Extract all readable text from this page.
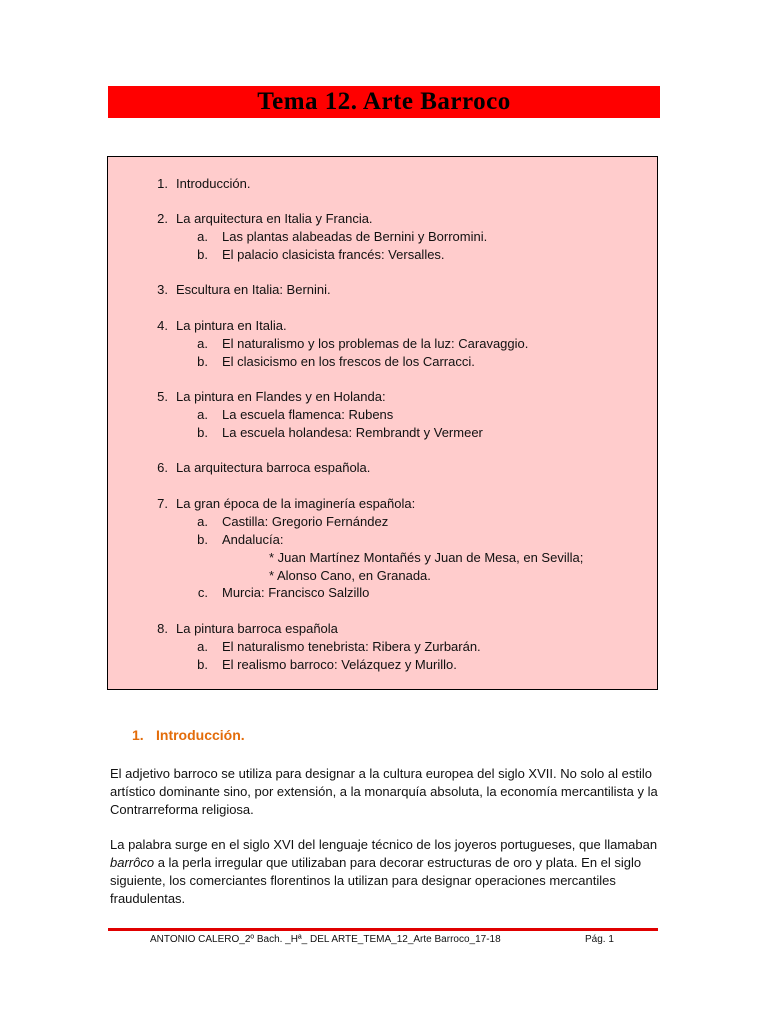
Tema 12. Arte Barroco
1. Introducción.
2. La arquitectura en Italia y Francia.
a. Las plantas alabeadas de Bernini y Borromini.
b. El palacio clasicista francés: Versalles.
3. Escultura en Italia: Bernini.
4. La pintura en Italia.
a. El naturalismo y los problemas de la luz: Caravaggio.
b. El clasicismo en los frescos de los Carracci.
5. La pintura en Flandes y en Holanda:
a. La escuela flamenca: Rubens
b. La escuela holandesa: Rembrandt y Vermeer
6. La arquitectura barroca española.
7. La gran época de la imaginería española:
a. Castilla: Gregorio Fernández
b. Andalucía:
* Juan Martínez Montañés y Juan de Mesa, en Sevilla;
* Alonso Cano, en Granada.
c. Murcia: Francisco Salzillo
8. La pintura barroca española
a. El naturalismo tenebrista: Ribera y Zurbarán.
b. El realismo barroco: Velázquez y Murillo.
1. Introducción.

El adjetivo barroco se utiliza para designar a la cultura europea del siglo XVII. No solo al estilo artístico dominante sino, por extensión, a la monarquía absoluta, la economía mercantilista y la Contrarreforma religiosa.

La palabra surge en el siglo XVI del lenguaje técnico de los joyeros portugueses, que llamaban barrôco a la perla irregular que utilizaban para decorar estructuras de oro y plata. En el siglo siguiente, los comerciantes florentinos la utilizan para designar operaciones mercantiles fraudulentas.

ANTONIO CALERO_2º Bach. _Hª_ DEL ARTE_TEMA_12_Arte Barroco_17-18	Pág. 1
